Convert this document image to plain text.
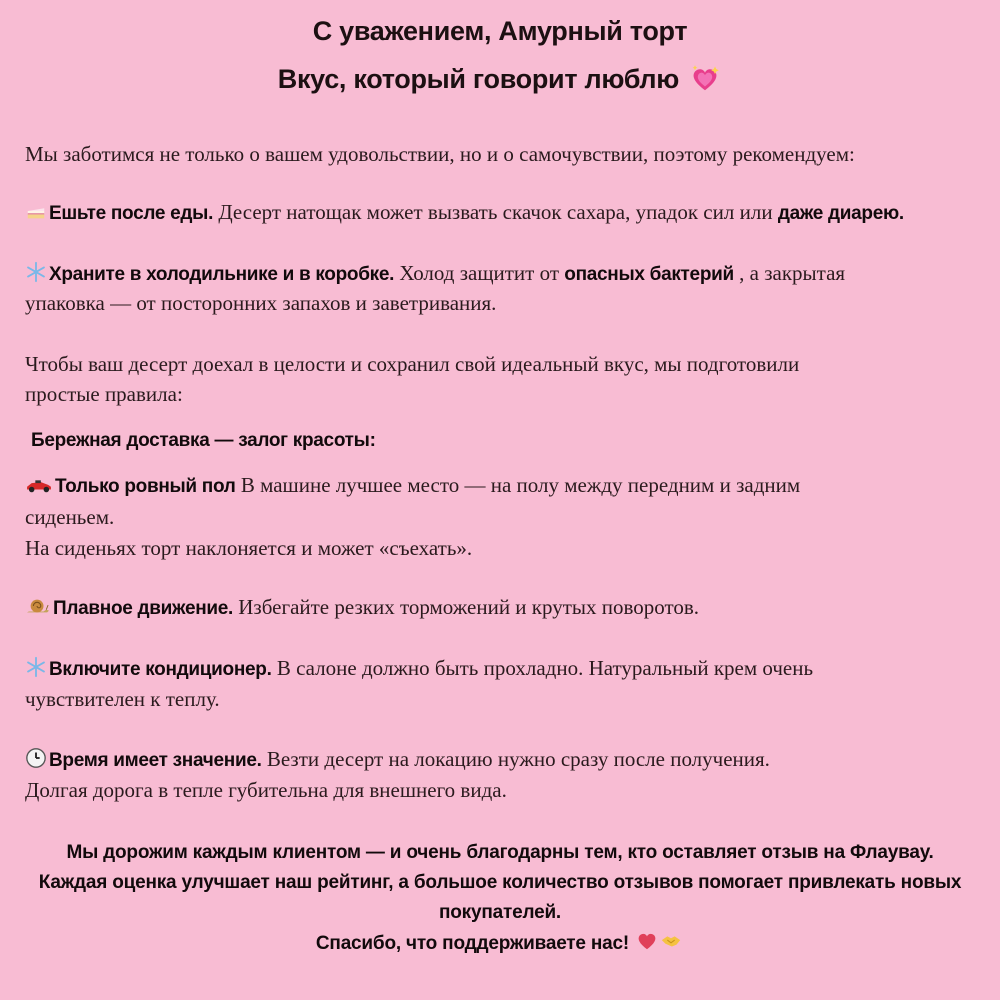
С уважением, Амурный торт
Вкус, который говорит люблю
Мы заботимся не только о вашем удовольствии, но и о самочувствии, поэтому рекомендуем:
Ешьте после еды. Десерт натощак может вызвать скачок сахара, упадок сил или даже диарею.
Храните в холодильнике и в коробке. Холод защитит от опасных бактерий , а закрытая
упаковка — от посторонних запахов и заветривания.
Чтобы ваш десерт доехал в целости и сохранил свой идеальный вкус, мы подготовили
простые правила:
Бережная доставка — залог красоты:
Только ровный пол В машине лучшее место — на полу между передним и задним
сиденьем.
На сиденьях торт наклоняется и может «съехать».
Плавное движение. Избегайте резких торможений и крутых поворотов.
Включите кондиционер. В салоне должно быть прохладно. Натуральный крем очень
чувствителен к теплу.
Время имеет значение. Везти десерт на локацию нужно сразу после получения.
Долгая дорога в тепле губительна для внешнего вида.
Мы дорожим каждым клиентом — и очень благодарны тем, кто оставляет отзыв на Флаувау.
Каждая оценка улучшает наш рейтинг, а большое количество отзывов помогает привлекать новых
покупателей.
Спасибо, что поддерживаете нас!
